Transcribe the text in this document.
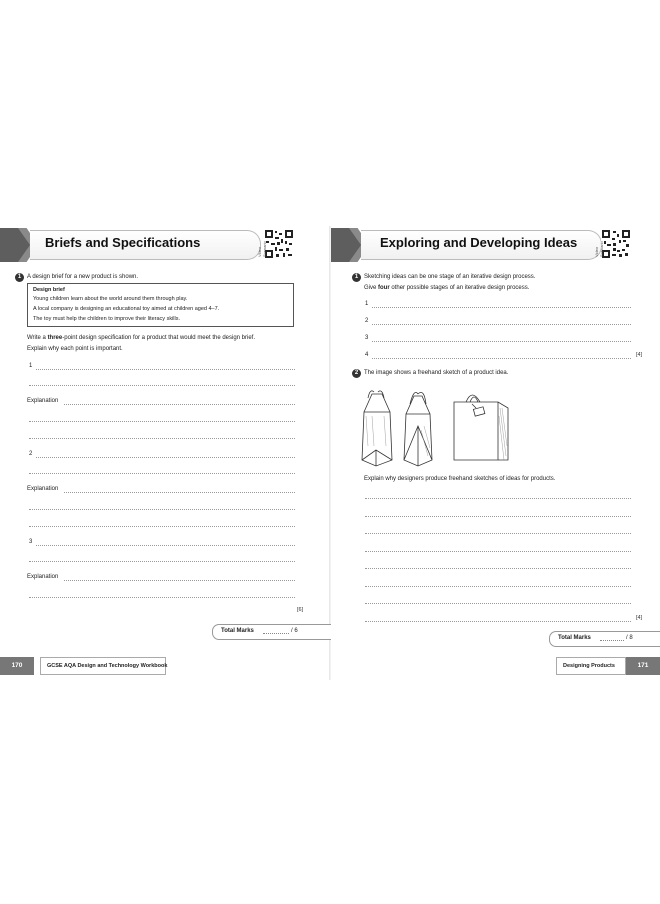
Briefs and Specifications
Video Scenario
1 A design brief for a new product is shown.
Design brief
Young children learn about the world around them through play.
A local company is designing an educational toy aimed at children aged 4–7.
The toy must help the children to improve their literacy skills.
Write a three-point design specification for a product that would meet the design brief.
Explain why each point is important.
1
Explanation
2
Explanation
3
Explanation
[6]
Total Marks	/ 6
170	GCSE AQA Design and Technology Workbook
Exploring and Developing Ideas
Video Scenario
1 Sketching ideas can be one stage of an iterative design process.
Give four other possible stages of an iterative design process.
1
2
3
4	[4]
2 The image shows a freehand sketch of a product idea.
Explain why designers produce freehand sketches of ideas for products.
[4]
Total Marks	/ 8
Designing Products	171
